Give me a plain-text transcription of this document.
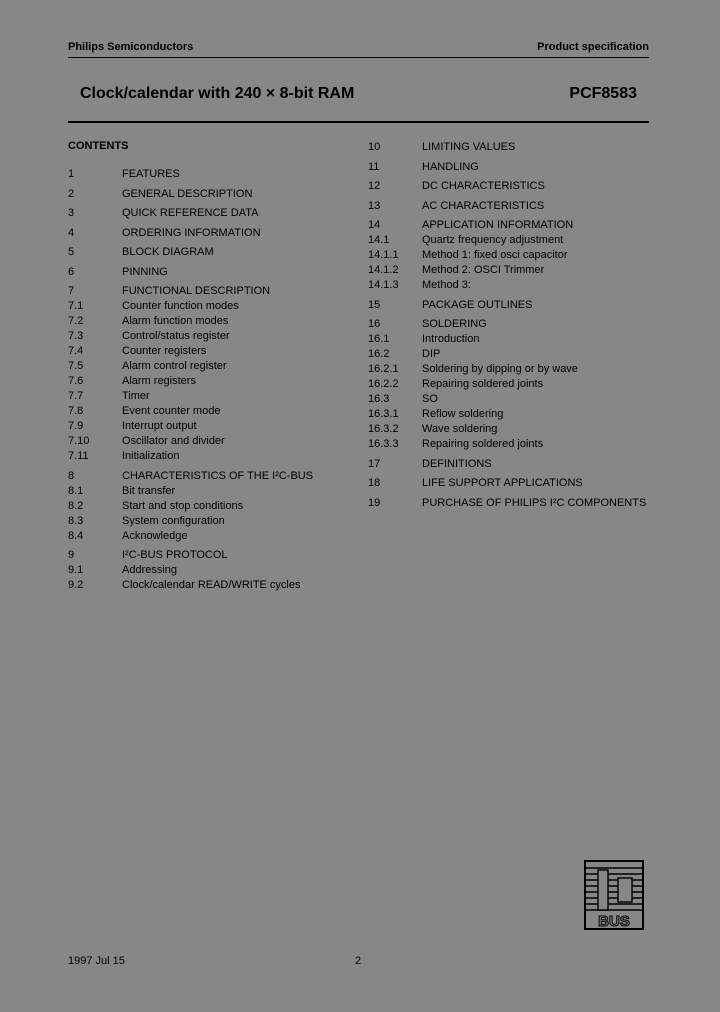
Philips Semiconductors	Product specification
Clock/calendar with 240 × 8-bit RAM	PCF8583
CONTENTS
1	FEATURES
2	GENERAL DESCRIPTION
3	QUICK REFERENCE DATA
4	ORDERING INFORMATION
5	BLOCK DIAGRAM
6	PINNING
7	FUNCTIONAL DESCRIPTION
7.1	Counter function modes
7.2	Alarm function modes
7.3	Control/status register
7.4	Counter registers
7.5	Alarm control register
7.6	Alarm registers
7.7	Timer
7.8	Event counter mode
7.9	Interrupt output
7.10	Oscillator and divider
7.11	Initialization
8	CHARACTERISTICS OF THE I²C-BUS
8.1	Bit transfer
8.2	Start and stop conditions
8.3	System configuration
8.4	Acknowledge
9	I²C-BUS PROTOCOL
9.1	Addressing
9.2	Clock/calendar READ/WRITE cycles
10	LIMITING VALUES
11	HANDLING
12	DC CHARACTERISTICS
13	AC CHARACTERISTICS
14	APPLICATION INFORMATION
14.1	Quartz frequency adjustment
14.1.1 Method 1: fixed osci capacitor
14.1.2 Method 2: OSCI Trimmer
14.1.3 Method 3:
15	PACKAGE OUTLINES
16	SOLDERING
16.1	Introduction
16.2	DIP
16.2.1 Soldering by dipping or by wave
16.2.2 Repairing soldered joints
16.3	SO
16.3.1 Reflow soldering
16.3.2 Wave soldering
16.3.3 Repairing soldered joints
17	DEFINITIONS
18	LIFE SUPPORT APPLICATIONS
19	PURCHASE OF PHILIPS I²C COMPONENTS
BUS
1997 Jul 15	2
